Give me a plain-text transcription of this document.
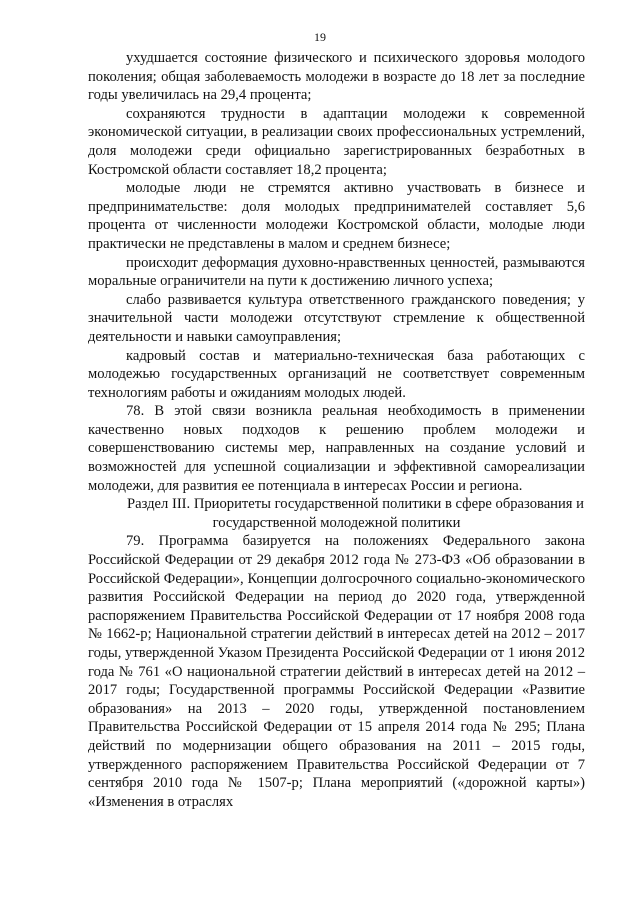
19

ухудшается состояние физического и психического здоровья молодого поколения; общая заболеваемость молодежи в возрасте до 18 лет за последние годы увеличилась на 29,4 процента;

сохраняются трудности в адаптации молодежи к современной экономической ситуации, в реализации своих профессиональных устремлений, доля молодежи среди официально зарегистрированных безработных в Костромской области составляет 18,2 процента;

молодые люди не стремятся активно участвовать в бизнесе и предпринимательстве: доля молодых предпринимателей составляет 5,6 процента от численности молодежи Костромской области, молодые люди практически не представлены в малом и среднем бизнесе;

происходит деформация духовно-нравственных ценностей, размываются моральные ограничители на пути к достижению личного успеха;

слабо развивается культура ответственного гражданского поведения; у значительной части молодежи отсутствуют стремление к общественной деятельности и навыки самоуправления;

кадровый состав и материально-техническая база работающих с молодежью государственных организаций не соответствует современным технологиям работы и ожиданиям молодых людей.

78. В этой связи возникла реальная необходимость в применении качественно новых подходов к решению проблем молодежи и совершенствованию системы мер, направленных на создание условий и возможностей для успешной социализации и эффективной самореализации молодежи, для развития ее потенциала в интересах России и региона.

Раздел III. Приоритеты государственной политики в сфере образования и государственной молодежной политики

79. Программа базируется на положениях Федерального закона Российской Федерации от 29 декабря 2012 года № 273-ФЗ «Об образовании в Российской Федерации», Концепции долгосрочного социально-экономического развития Российской Федерации на период до 2020 года, утвержденной распоряжением Правительства Российской Федерации от 17 ноября 2008 года № 1662-р; Национальной стратегии действий в интересах детей на 2012 – 2017 годы, утвержденной Указом Президента Российской Федерации от 1 июня 2012 года № 761 «О национальной стратегии действий в интересах детей на 2012 – 2017 годы; Государственной программы Российской Федерации «Развитие образования» на 2013 – 2020 годы, утвержденной постановлением Правительства Российской Федерации от 15 апреля 2014 года № 295; Плана действий по модернизации общего образования на 2011 – 2015 годы, утвержденного распоряжением Правительства Российской Федерации от 7 сентября 2010 года № 1507-р; Плана мероприятий («дорожной карты») «Изменения в отраслях
